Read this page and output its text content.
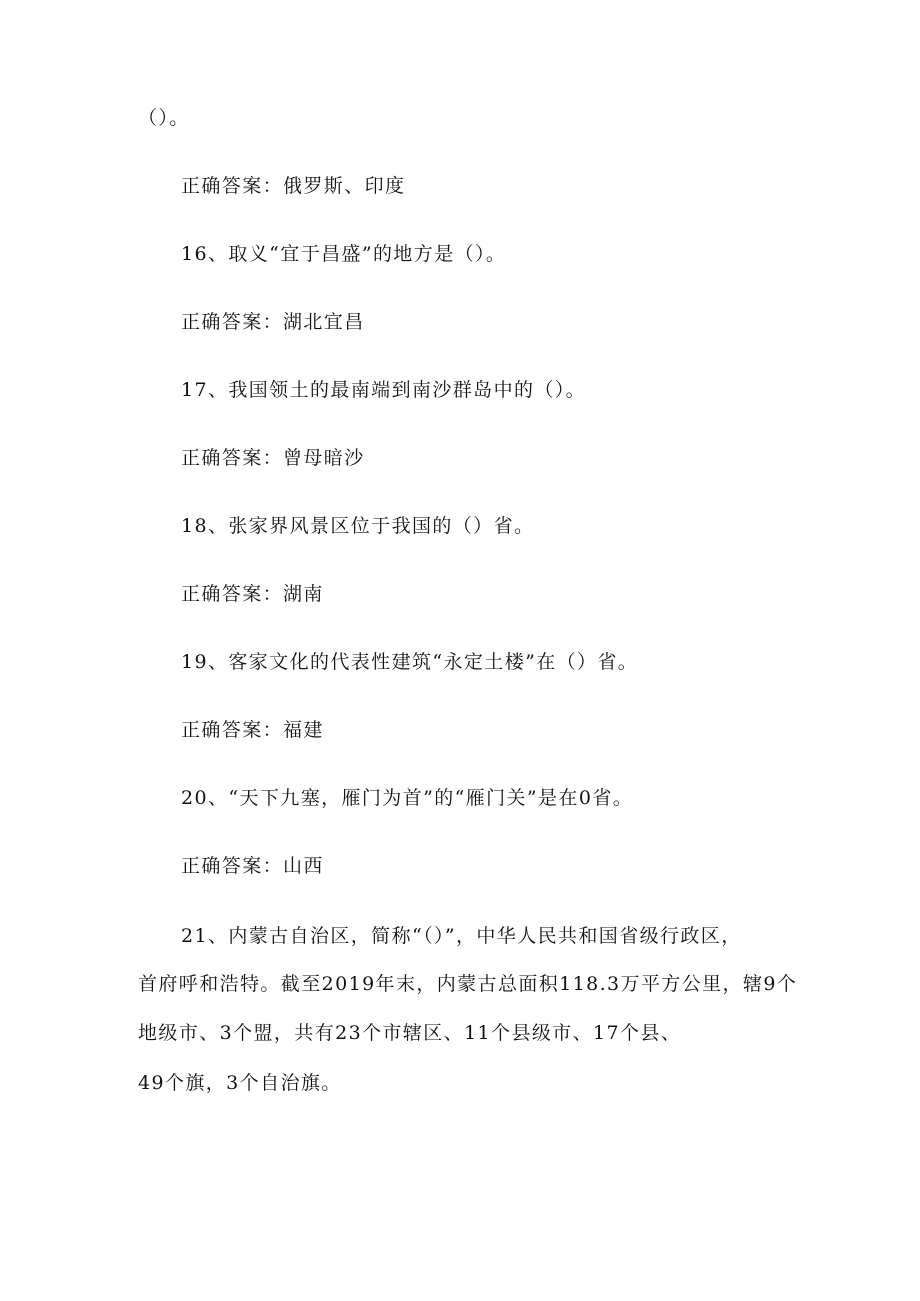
（）。
正确答案：俄罗斯、印度
16、取义“宜于昌盛”的地方是（）。
正确答案：湖北宜昌
17、我国领土的最南端到南沙群岛中的（）。
正确答案：曾母暗沙
18、张家界风景区位于我国的（）省。
正确答案：湖南
19、客家文化的代表性建筑“永定土楼”在（）省。
正确答案：福建
20、“天下九塞，雁门为首”的“雁门关”是在0省。
正确答案：山西
21、内蒙古自治区，简称“（）”，中华人民共和国省级行政区，
首府呼和浩特。截至2019年末，内蒙古总面积118.3万平方公里，辖9个
地级市、3个盟，共有23个市辖区、11个县级市、17个县、
49个旗，3个自治旗。
